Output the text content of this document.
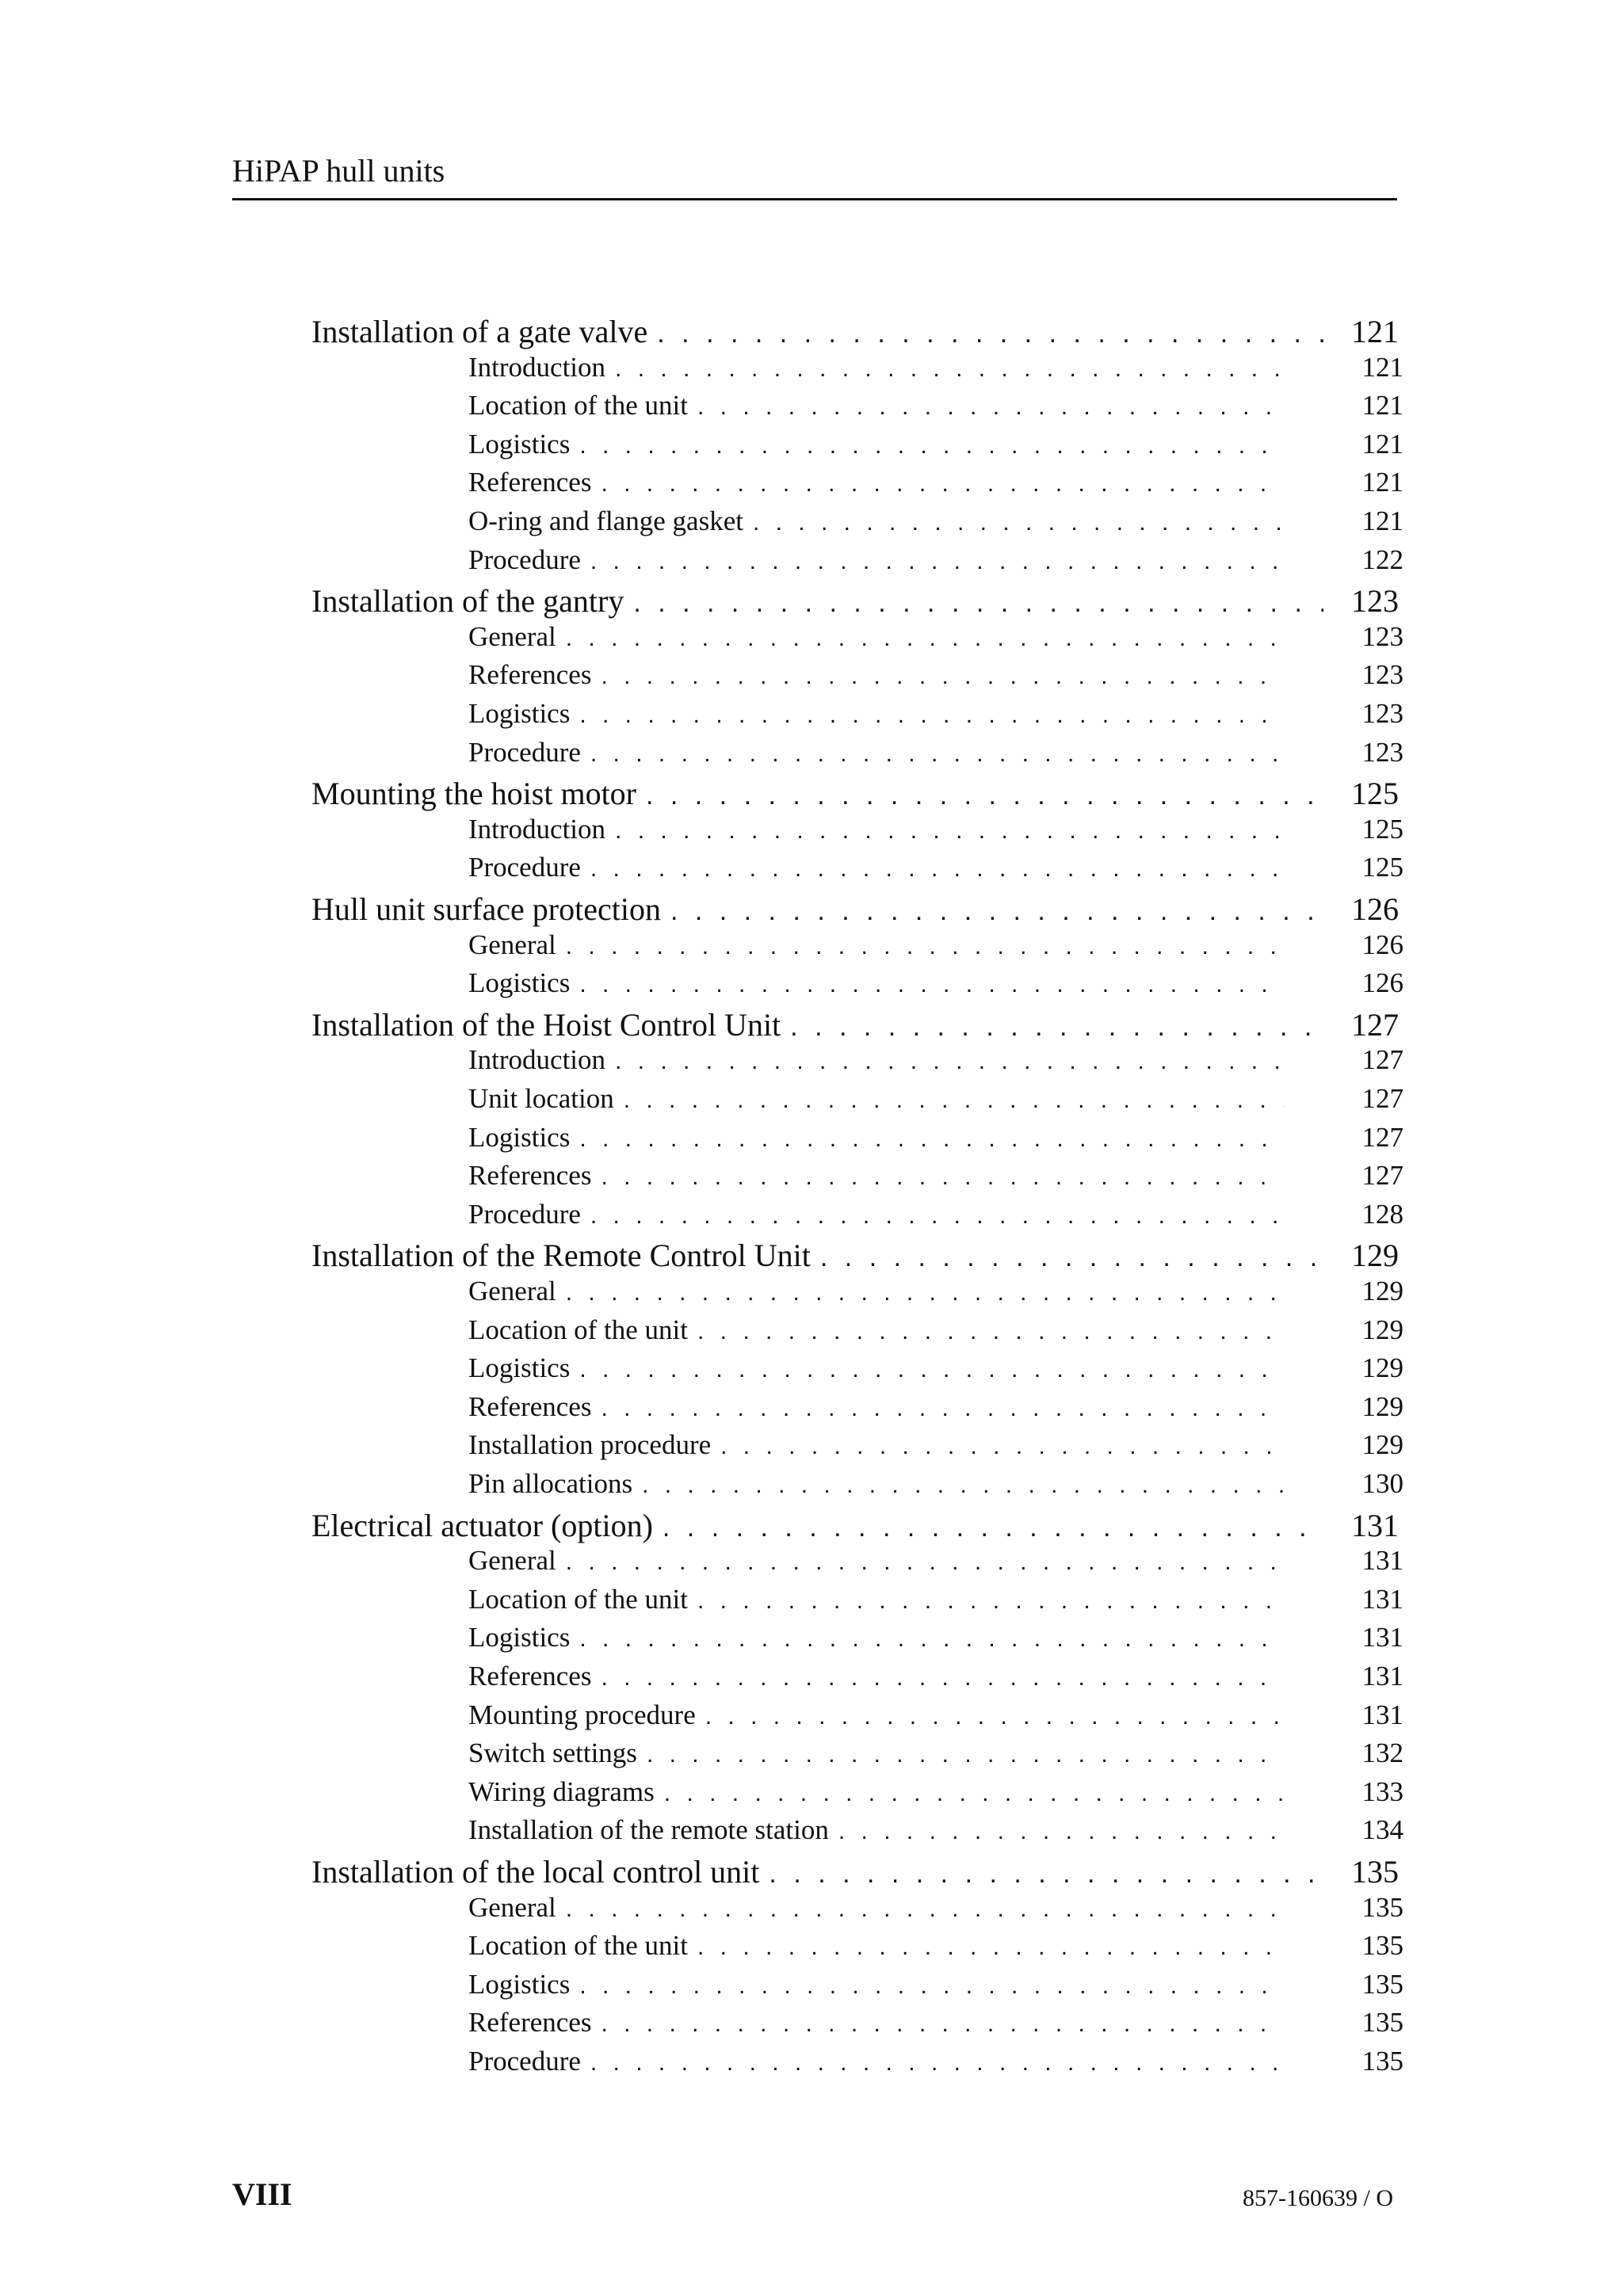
HiPAP hull units
Installation of a gate valve . . .	121
Introduction . . .	121
Location of the unit . . .	121
Logistics . . .	121
References . . .	121
O-ring and flange gasket . . .	121
Procedure . . .	122
Installation of the gantry . . .	123
General . . .	123
References . . .	123
Logistics . . .	123
Procedure . . .	123
Mounting the hoist motor . . .	125
Introduction . . .	125
Procedure . . .	125
Hull unit surface protection . . .	126
General . . .	126
Logistics . . .	126
Installation of the Hoist Control Unit . . .	127
Introduction . . .	127
Unit location . . .	127
Logistics . . .	127
References . . .	127
Procedure . . .	128
Installation of the Remote Control Unit . . .	129
General . . .	129
Location of the unit . . .	129
Logistics . . .	129
References . . .	129
Installation procedure . . .	129
Pin allocations . . .	130
Electrical actuator (option) . . .	131
General . . .	131
Location of the unit . . .	131
Logistics . . .	131
References . . .	131
Mounting procedure . . .	131
Switch settings . . .	132
Wiring diagrams . . .	133
Installation of the remote station . . .	134
Installation of the local control unit . . .	135
General . . .	135
Location of the unit . . .	135
Logistics . . .	135
References . . .	135
Procedure . . .	135
VIII	857-160639 / O
